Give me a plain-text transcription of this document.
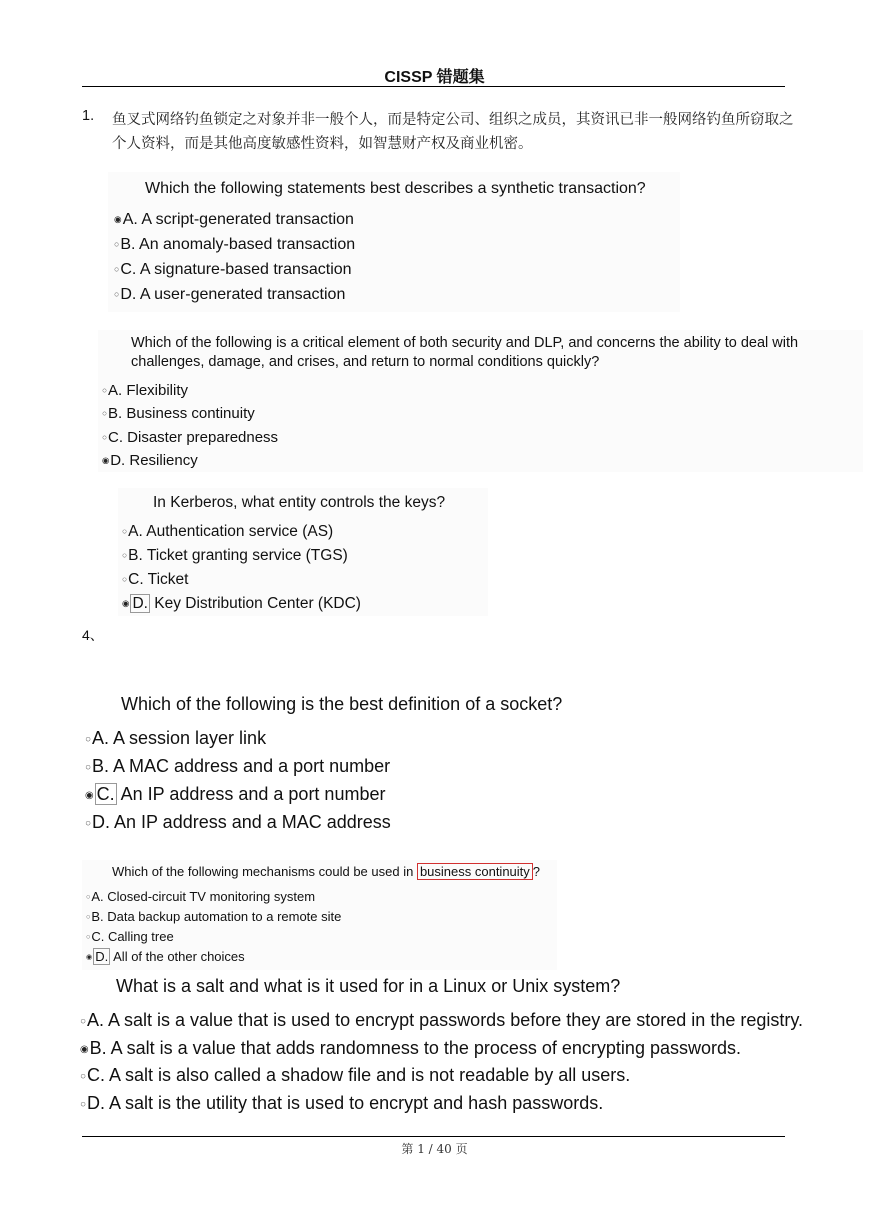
CISSP 错题集
1. 鱼叉式网络钓鱼锁定之对象并非一般个人，而是特定公司、组织之成员，其资讯已非一般网络钓鱼所窃取之个人资料，而是其他高度敏感性资料，如智慧财产权及商业机密。
Which the following statements best describes a synthetic transaction?
◉A. A script-generated transaction
○B. An anomaly-based transaction
○C. A signature-based transaction
○D. A user-generated transaction
Which of the following is a critical element of both security and DLP, and concerns the ability to deal with
challenges, damage, and crises, and return to normal conditions quickly?
○A. Flexibility
○B. Business continuity
○C. Disaster preparedness
◉D. Resiliency
In Kerberos, what entity controls the keys?
○A. Authentication service (AS)
○B. Ticket granting service (TGS)
○C. Ticket
◉ D. Key Distribution Center (KDC)
4、
Which of the following is the best definition of a socket?
○A. A session layer link
○B. A MAC address and a port number
◉ C. An IP address and a port number
○D. An IP address and a MAC address
Which of the following mechanisms could be used in business continuity ?
○A. Closed-circuit TV monitoring system
○B. Data backup automation to a remote site
○C. Calling tree
◉ D. All of the other choices
What is a salt and what is it used for in a Linux or Unix system?
○A. A salt is a value that is used to encrypt passwords before they are stored in the registry.
◉B. A salt is a value that adds randomness to the process of encrypting passwords.
○C. A salt is also called a shadow file and is not readable by all users.
○D. A salt is the utility that is used to encrypt and hash passwords.
第 1 / 40 页
